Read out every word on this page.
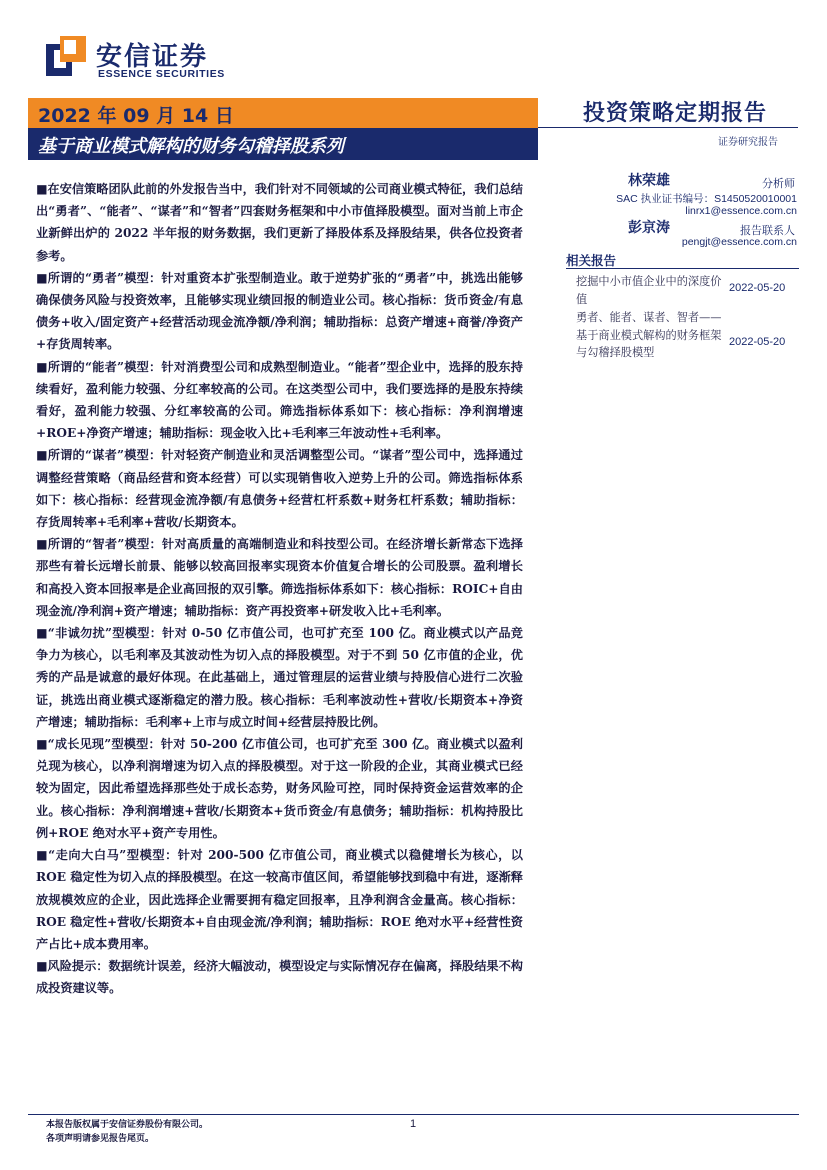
安信证券
ESSENCE SECURITIES
2022 年 09 月 14 日
基于商业模式解构的财务勾稽择股系列
投资策略定期报告
证券研究报告
■在安信策略团队此前的外发报告当中，我们针对不同领域的公司商业模式特征，我们总结出“勇者”、“能者”、“谋者”和“智者”四套财务框架和中小市值择股模型。面对当前上市企业新鲜出炉的 2022 半年报的财务数据，我们更新了择股体系及择股结果，供各位投资者参考。
■所谓的“勇者”模型：针对重资本扩张型制造业。敢于逆势扩张的“勇者”中，挑选出能够确保债务风险与投资效率，且能够实现业绩回报的制造业公司。核心指标：货币资金/有息债务+收入/固定资产+经营活动现金流净额/净利润；辅助指标：总资产增速+商誉/净资产+存货周转率。
■所谓的“能者”模型：针对消费型公司和成熟型制造业。“能者”型企业中，选择的股东持续看好，盈利能力较强、分红率较高的公司。在这类型公司中，我们要选择的是股东持续看好，盈利能力较强、分红率较高的公司。筛选指标体系如下：核心指标：净利润增速+ROE+净资产增速；辅助指标：现金收入比+毛利率三年波动性+毛利率。
■所谓的“谋者”模型：针对轻资产制造业和灵活调整型公司。“谋者”型公司中，选择通过调整经营策略（商品经营和资本经营）可以实现销售收入逆势上升的公司。筛选指标体系如下：核心指标：经营现金流净额/有息债务+经营杠杆系数+财务杠杆系数；辅助指标：存货周转率+毛利率+营收/长期资本。
■所谓的“智者”模型：针对高质量的高端制造业和科技型公司。在经济增长新常态下选择那些有着长远增长前景、能够以较高回报率实现资本价值复合增长的公司股票。盈利增长和高投入资本回报率是企业高回报的双引擎。筛选指标体系如下：核心指标：ROIC+自由现金流/净利润+资产增速；辅助指标：资产再投资率+研发收入比+毛利率。
■“非诚勿扰”型模型：针对 0-50 亿市值公司，也可扩充至 100 亿。商业模式以产品竞争力为核心，以毛利率及其波动性为切入点的择股模型。对于不到 50 亿市值的企业，优秀的产品是诚意的最好体现。在此基础上，通过管理层的运营业绩与持股信心进行二次验证，挑选出商业模式逐渐稳定的潜力股。核心指标：毛利率波动性+营收/长期资本+净资产增速；辅助指标：毛利率+上市与成立时间+经营层持股比例。
■“成长见现”型模型：针对 50-200 亿市值公司，也可扩充至 300 亿。商业模式以盈利兑现为核心，以净利润增速为切入点的择股模型。对于这一阶段的企业，其商业模式已经较为固定，因此希望选择那些处于成长态势，财务风险可控，同时保持资金运营效率的企业。核心指标：净利润增速+营收/长期资本+货币资金/有息债务；辅助指标：机构持股比例+ROE 绝对水平+资产专用性。
■“走向大白马”型模型：针对 200-500 亿市值公司，商业模式以稳健增长为核心，以 ROE 稳定性为切入点的择股模型。在这一较高市值区间，希望能够找到稳中有进，逐渐释放规模效应的企业，因此选择企业需要拥有稳定回报率，且净利润含金量高。核心指标：ROE 稳定性+营收/长期资本+自由现金流/净利润；辅助指标：ROE 绝对水平+经营性资产占比+成本费用率。
■风险提示：数据统计误差，经济大幅波动，模型设定与实际情况存在偏离，择股结果不构成投资建议等。
林荣雄	分析师
SAC 执业证书编号：S1450520010001
linrx1@essence.com.cn
彭京涛	报告联系人
pengjt@essence.com.cn
相关报告
挖掘中小市值企业中的深度价值
2022-05-20
勇者、能者、谋者、智者——基于商业模式解构的财务框架与勾稽择股模型
2022-05-20
本报告版权属于安信证券股份有限公司。
各项声明请参见报告尾页。
1
